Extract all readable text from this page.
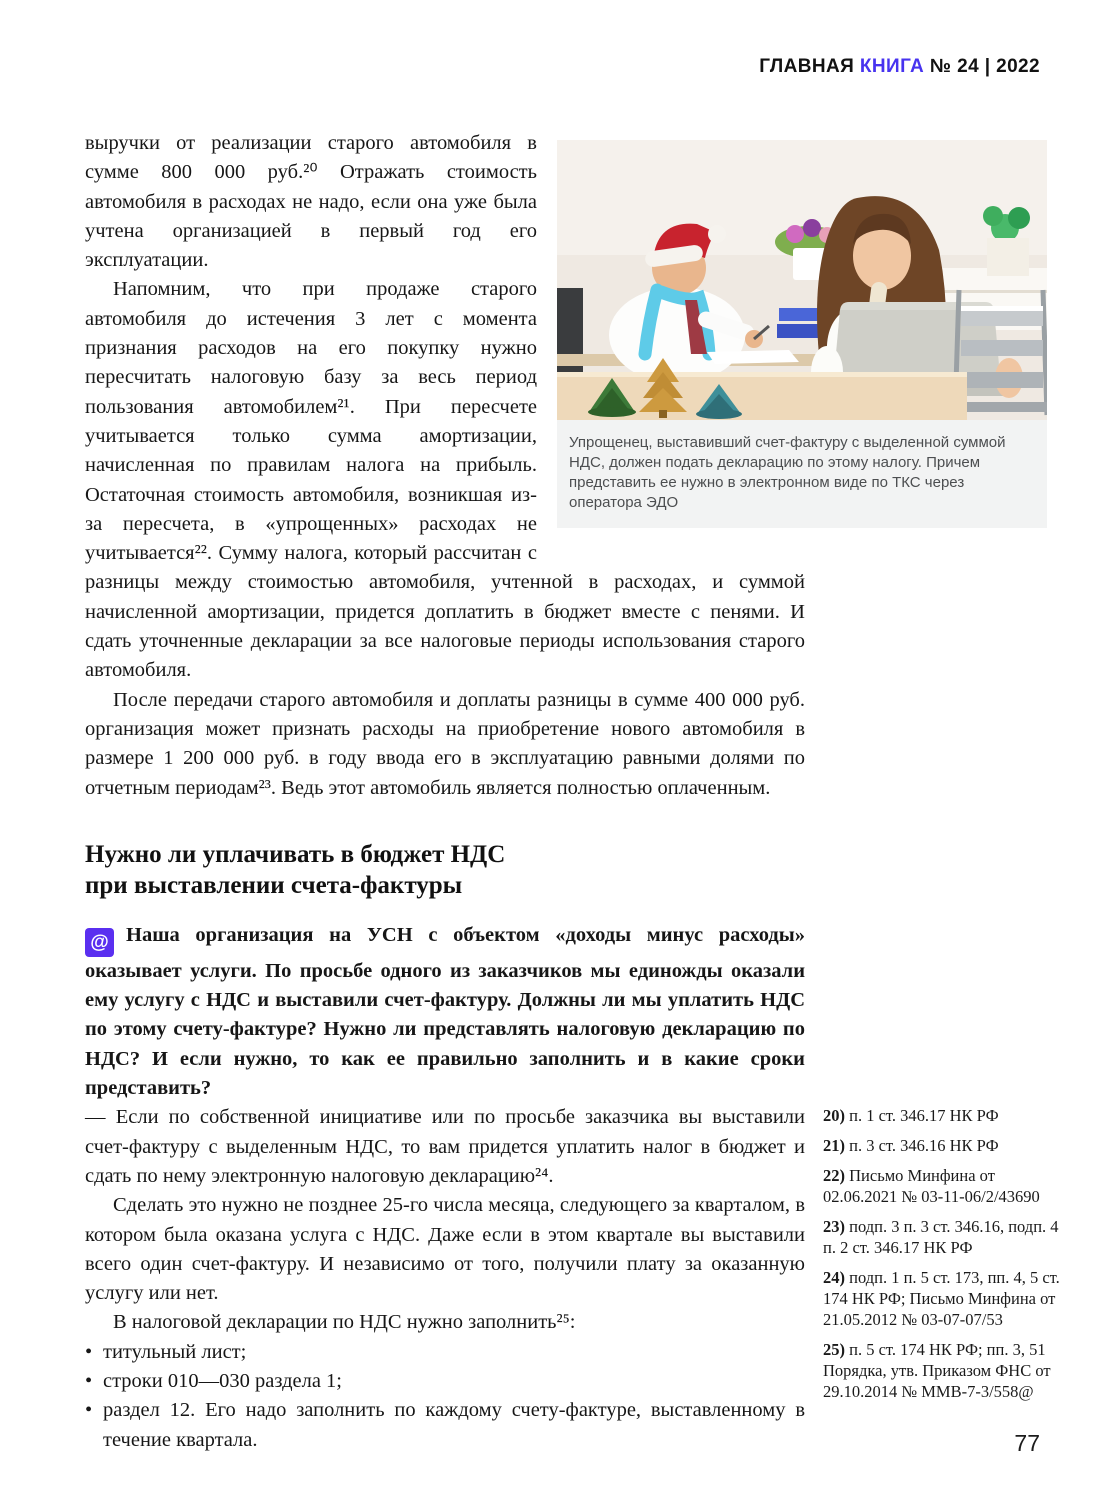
ГЛАВНАЯ КНИГА № 24 | 2022
Упрощенец, выставивший счет-фактуру с выделенной суммой НДС, должен подать декларацию по этому налогу. Причем представить ее нужно в электронном виде по ТКС через оператора ЭДО

выручки от реализации старого автомобиля в сумме 800 000 руб.²⁰ Отражать стоимость автомобиля в расходах не надо, если она уже была учтена организацией в первый год его эксплуатации.

Напомним, что при продаже старого автомобиля до истечения 3 лет с момента признания расходов на его покупку нужно пересчитать налоговую базу за весь период пользования автомобилем²¹. При пересчете учитывается только сумма амортизации, начисленная по правилам налога на прибыль. Остаточная стоимость автомобиля, возникшая из-за пересчета, в «упрощенных» расходах не учитывается²². Сумму налога, который рассчитан с разницы между стоимостью автомобиля, учтенной в расходах, и суммой начисленной амортизации, придется доплатить в бюджет вместе с пенями. И сдать уточненные декларации за все налоговые периоды использования старого автомобиля.

После передачи старого автомобиля и доплаты разницы в сумме 400 000 руб. организация может признать расходы на приобретение нового автомобиля в размере 1 200 000 руб. в году ввода его в эксплуатацию равными долями по отчетным периодам²³. Ведь этот автомобиль является полностью оплаченным.

Нужно ли уплачивать в бюджет НДС
при выставлении счета-фактуры

@ Наша организация на УСН с объектом «доходы минус расходы» оказывает услуги. По просьбе одного из заказчиков мы единожды оказали ему услугу с НДС и выставили счет-фактуру. Должны ли мы уплатить НДС по этому счету-фактуре? Нужно ли представлять налоговую декларацию по НДС? И если нужно, то как ее правильно заполнить и в какие сроки представить?

— Если по собственной инициативе или по просьбе заказчика вы выставили счет-фактуру с выделенным НДС, то вам придется уплатить налог в бюджет и сдать по нему электронную налоговую декларацию²⁴.

Сделать это нужно не позднее 25-го числа месяца, следующего за кварталом, в котором была оказана услуга с НДС. Даже если в этом квартале вы выставили всего один счет-фактуру. И независимо от того, получили плату за оказанную услугу или нет.

В налоговой декларации по НДС нужно заполнить²⁵:

• титульный лист;
• строки 010—030 раздела 1;
• раздел 12. Его надо заполнить по каждому счету-фактуре, выставленному в течение квартала.

20) п. 1 ст. 346.17 НК РФ

21) п. 3 ст. 346.16 НК РФ

22) Письмо Минфина от 02.06.2021 № 03-11-06/2/43690

23) подп. 3 п. 3 ст. 346.16, подп. 4 п. 2 ст. 346.17 НК РФ

24) подп. 1 п. 5 ст. 173, пп. 4, 5 ст. 174 НК РФ; Письмо Минфина от 21.05.2012 № 03-07-07/53

25) п. 5 ст. 174 НК РФ; пп. 3, 51 Порядка, утв. Приказом ФНС от 29.10.2014 № ММВ-7-3/558@

77
